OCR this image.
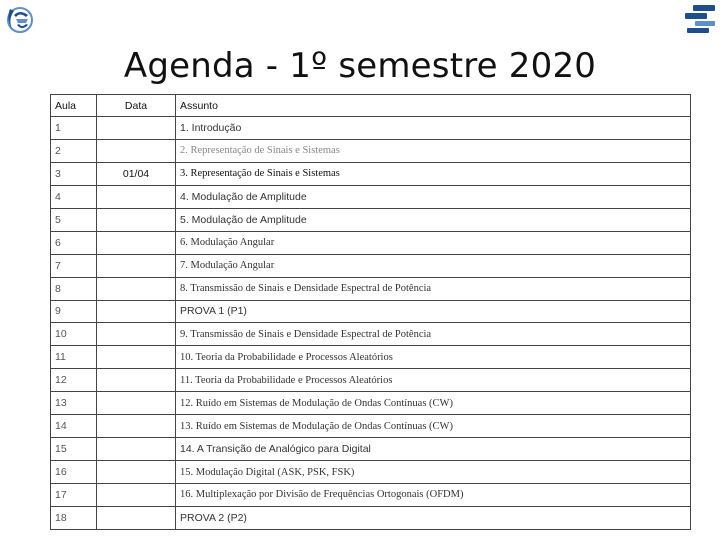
Agenda - 1º semestre 2020
Aula	Data	Assunto
1		1. Introdução
2		2. Representação de Sinais e Sistemas
3	01/04	3. Representação de Sinais e Sistemas
4		4. Modulação de Amplitude
5		5. Modulação de Amplitude
6		6. Modulação Angular
7		7. Modulação Angular
8		8. Transmissão de Sinais e Densidade Espectral de Potência
9		PROVA 1 (P1)
10		9. Transmissão de Sinais e Densidade Espectral de Potência
11		10. Teoria da Probabilidade e Processos Aleatórios
12		11. Teoria da Probabilidade e Processos Aleatórios
13		12. Ruído em Sistemas de Modulação de Ondas Contínuas (CW)
14		13. Ruído em Sistemas de Modulação de Ondas Contínuas (CW)
15		14. A Transição de Analógico para Digital
16		15. Modulação Digital (ASK, PSK, FSK)
17		16. Multiplexação por Divisão de Frequências Ortogonais (OFDM)
18		PROVA 2 (P2)
